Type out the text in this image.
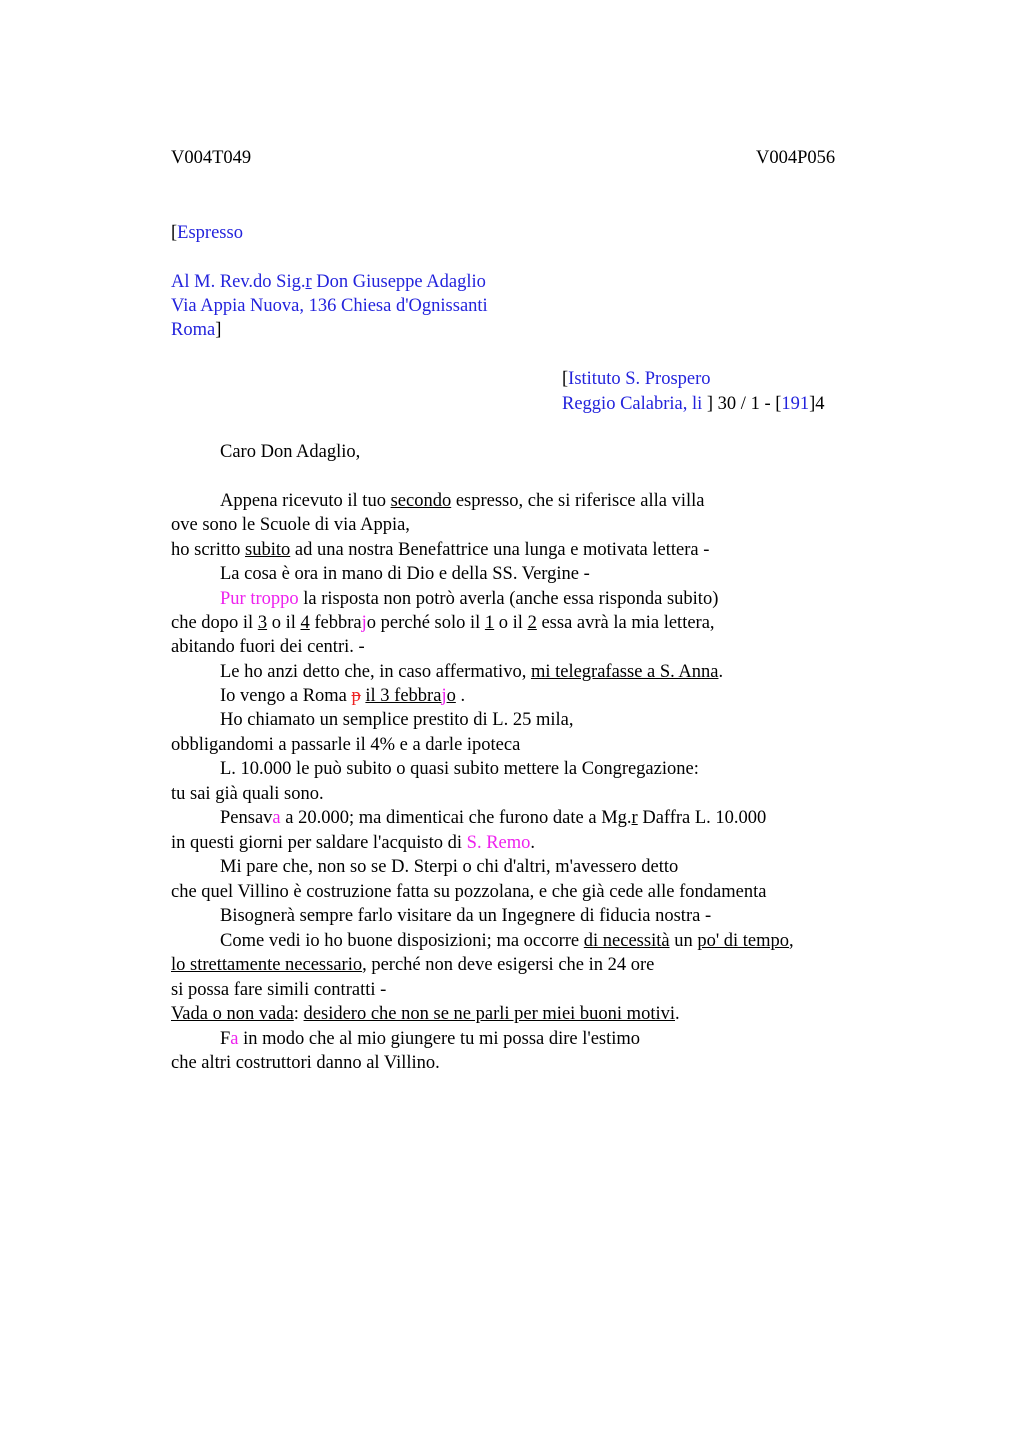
V004T049	V004P056
[Espresso
Al M. Rev.do Sig.r Don Giuseppe Adaglio
Via Appia Nuova, 136 Chiesa d'Ognissanti
Roma]
[Istituto S. Prospero
Reggio Calabria, li ] 30 / 1 - [191]4
Caro Don Adaglio,
Appena ricevuto il tuo secondo espresso, che si riferisce alla villa
ove sono le Scuole di via Appia,
ho scritto subito ad una nostra Benefattrice una lunga e motivata lettera -
La cosa è ora in mano di Dio e della SS. Vergine -
Pur troppo la risposta non potrò averla (anche essa risponda subito)
che dopo il 3 o il 4 febbrajo perché solo il 1 o il 2 essa avrà la mia lettera,
abitando fuori dei centri. -
Le ho anzi detto che, in caso affermativo, mi telegrafasse a S. Anna.
Io vengo a Roma p il 3 febbrajo .
Ho chiamato un semplice prestito di L. 25 mila,
obbligandomi a passarle il 4% e a darle ipoteca
L. 10.000 le può subito o quasi subito mettere la Congregazione:
tu sai già quali sono.
Pensava a 20.000; ma dimenticai che furono date a Mg.r Daffra L. 10.000
in questi giorni per saldare l'acquisto di S. Remo.
Mi pare che, non so se D. Sterpi o chi d'altri, m'avessero detto
che quel Villino è costruzione fatta su pozzolana, e che già cede alle fondamenta
Bisognerà sempre farlo visitare da un Ingegnere di fiducia nostra -
Come vedi io ho buone disposizioni; ma occorre di necessità un po' di tempo,
lo strettamente necessario, perché non deve esigersi che in 24 ore
si possa fare simili contratti -
Vada o non vada: desidero che non se ne parli per miei buoni motivi.
Fa in modo che al mio giungere tu mi possa dire l'estimo
che altri costruttori danno al Villino.
